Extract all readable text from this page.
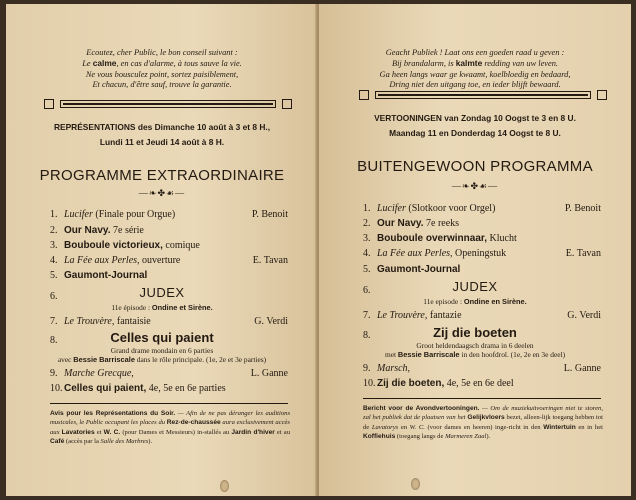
Ecoutez, cher Public, le bon conseil suivant :
Le calme, en cas d'alarme, à tous sauve la vie.
Ne vous bousculez point, sortez paisiblement,
Et chacun, d'être sauf, trouve la garantie.
REPRÉSENTATIONS des Dimanche 10 août à 3 et 8 H.,
Lundi 11 et Jeudi 14 août à 8 H.
PROGRAMME EXTRAORDINAIRE
—❧✤☙—
1. Lucifer (Finale pour Orgue)	P. Benoit
2. Our Navy. 7e série
3. Bouboule victorieux, comique
4. La Fée aux Perles, ouverture	E. Tavan
5. Gaumont-Journal
6.	JUDEX
11e épisode : Ondine et Sirène.
7. Le Trouvère, fantaisie	G. Verdi
8.	Celles qui paient
Grand drame mondain en 6 parties
avec Bessie Barriscale dans le rôle principale. (1e, 2e et 3e parties)
9. Marche Grecque,	L. Ganne
10. Celles qui paient, 4e, 5e en 6e parties
Avis pour les Représentations du Soir. — Afin de ne pas déranger les auditions musicales, le Public occupant les places du Rez-de-chaussée aura exclusivement accès aux Lavatories et W. C. (pour Dames et Messieurs) in-stallés au Jardin d'hiver et au Café (accès par la Salle des Marbres).
Geacht Publiek ! Laat ons een goeden raad u geven :
Bij brandalarm, is kalmte redding van uw leven.
Ga heen langs waar ge kwaamt, koelbloedig en bedaard,
Dring niet den uitgang toe, en ieder blijft bewaard.
VERTOONINGEN van Zondag 10 Oogst te 3 en 8 U.
Maandag 11 en Donderdag 14 Oogst te 8 U.
BUITENGEWOON PROGRAMMA
—❧✤☙—
1. Lucifer (Slotkoor voor Orgel)	P. Benoit
2. Our Navy. 7e reeks
3. Bouboule overwinnaar, Klucht
4. La Fée aux Perles, Openingstuk	E. Tavan
5. Gaumont-Journal
6.	JUDEX
11e episode : Ondine en Sirène.
7. Le Trouvère, fantazie	G. Verdi
8.	Zij die boeten
Groot heldendaagsch drama in 6 deelen
met Bessie Barriscale in den hoofdrol. (1e, 2e en 3e deel)
9. Marsch,	L. Ganne
10. Zij die boeten, 4e, 5e en 6e deel
Bericht voor de Avondvertooningen. — Om de muziekuitvoeringen niet te storen, zal het publiek dat de plaatsen van het Gelijkvloers bezet, alleen-lijk toegang hebben tot de Lavatorys en W. C. (voor dames en heeren) inge-richt in den Wintertuin en in het Koffiehuis (toegang langs de Marmeren Zaal).
